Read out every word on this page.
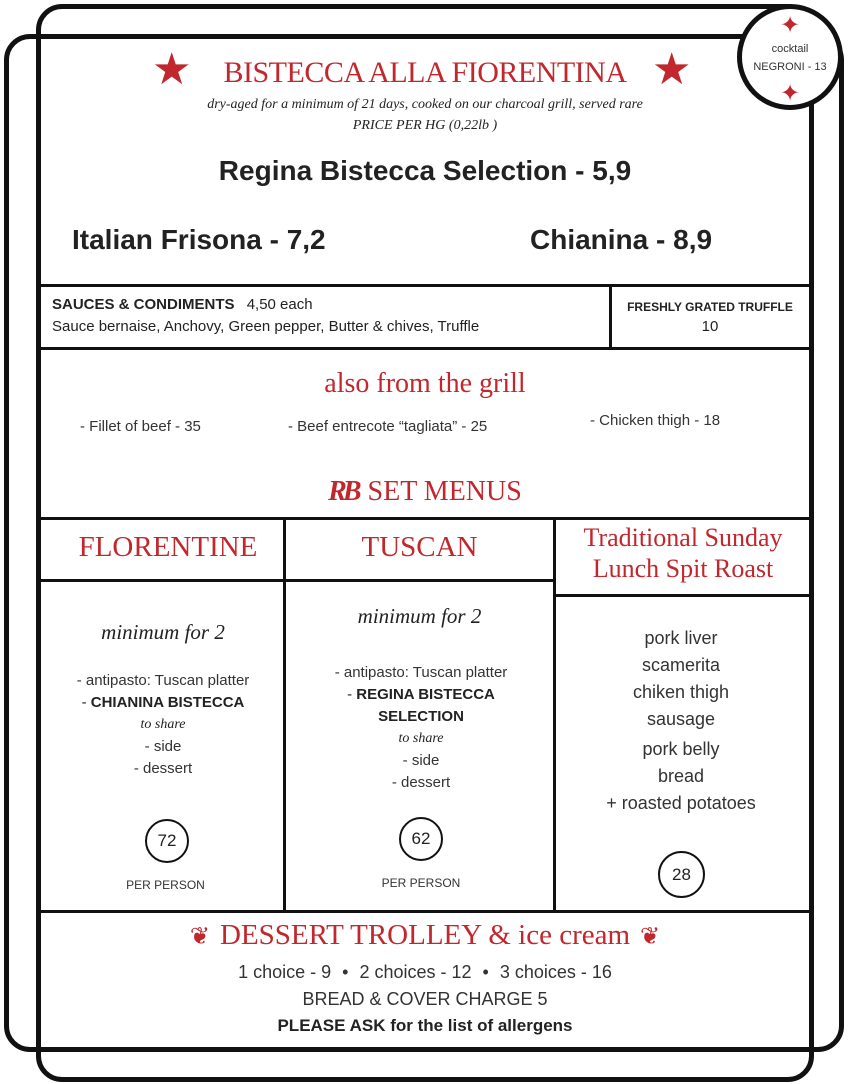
✦
cocktail
NEGRONI - 13
✦
★	★
BISTECCA ALLA FIORENTINA
dry-aged for a minimum of 21 days, cooked on our charcoal grill, served rare
PRICE PER HG (0,22lb )
Regina Bistecca Selection - 5,9
Italian Frisona - 7,2	Chianina - 8,9
SAUCES & CONDIMENTS 4,50 each
Sauce bernaise, Anchovy, Green pepper, Butter & chives, Truffle
FRESHLY GRATED TRUFFLE
10
also from the grill
- Fillet of beef - 35	- Beef entrecote “tagliata” - 25	- Chicken thigh - 18
RB SET MENUS
FLORENTINE
minimum for 2
- antipasto: Tuscan platter
- CHIANINA BISTECCA
to share
- side
- dessert
72
PER PERSON
TUSCAN
minimum for 2
- antipasto: Tuscan platter
- REGINA BISTECCA
SELECTION
to share
- side
- dessert
62
PER PERSON
Traditional Sunday
Lunch Spit Roast
pork liver
scamerita
chiken thigh
sausage
pork belly
bread
+ roasted potatoes
28
❦ DESSERT TROLLEY & ice cream ❦
1 choice - 9 • 2 choices - 12 • 3 choices - 16
BREAD & COVER CHARGE 5
PLEASE ASK for the list of allergens
